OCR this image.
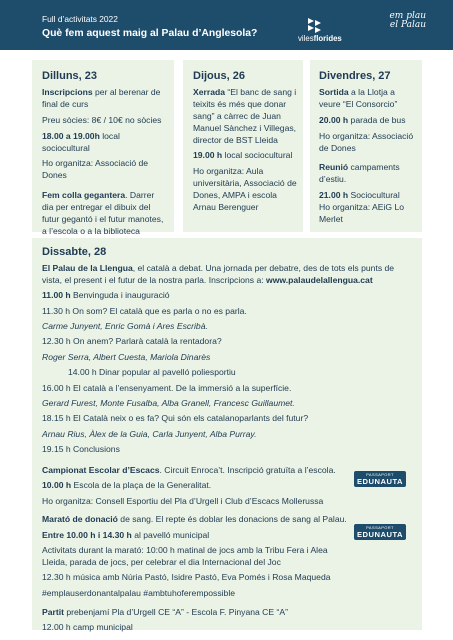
Full d’activitats 2022
Què fem aquest maig al Palau d’Anglesola?	vilesflorides
em plau
el Palau
Dilluns, 23

Inscripcions per al berenar de final de curs

Preu sòcies: 8€ / 10€ no sòcies

18.00 a 19.00h local sociocultural

Ho organitza: Associació de Dones

Fem colla gegantera. Darrer dia per entregar el dibuix del futur gegantó i el futur manotes, a l’escola o a la biblioteca

Dijous, 26

Xerrada “El banc de sang i teixits és més que donar sang” a càrrec de Juan Manuel Sànchez i Villegas, director de BST Lleida

19.00 h local sociocultural

Ho organitza: Aula universitària, Associació de Dones, AMPA i escola Arnau Berenguer

Divendres, 27

Sortida a la Llotja a veure “El Consorcio”

20.00 h parada de bus

Ho organitza: Associació de Dones

Reunió campaments d’estiu.

21.00 h Sociocultural

Ho organitza: AEiG Lo Merlet

Dissabte, 28

El Palau de la Llengua, el català a debat. Una jornada per debatre, des de tots els punts de vista, el present i el futur de la nostra parla. Inscripcions a: www.palaudelallengua.cat

11.00 h Benvinguda i inauguració

11.30 h On som? El català que es parla o no es parla.

Carme Junyent, Enric Gomà i Ares Escribà.

12.30 h On anem? Parlarà català la rentadora?

Roger Serra, Albert Cuesta, Mariola Dinarès

14.00 h Dinar popular al pavelló poliesportiu

16.00 h El català a l’ensenyament. De la immersió a la superfície.

Gerard Furest, Monte Fusalba, Alba Granell, Francesc Guillaumet.

18.15 h El Català neix o es fa? Qui són els catalanoparlants del futur?

Arnau Rius, Àlex de la Guia, Carla Junyent, Alba Purray.

19.15 h Conclusions

Campionat Escolar d’Escacs. Circuit Enroca’t. Inscripció gratuïta a l’escola.

10.00 h Escola de la plaça de la Generalitat.

Ho organitza: Consell Esportiu del Pla d’Urgell i Club d’Escacs Mollerussa

Marató de donació de sang. El repte és doblar les donacions de sang al Palau.

Entre 10.00 h i 14.30 h al pavelló municipal

Activitats durant la marató: 10:00 h matinal de jocs amb la Tribu Fera i Alea Lleida, parada de jocs, per celebrar el dia Internacional del Joc

12.30 h música amb Núria Pastó, Isidre Pastó, Eva Pomés i Rosa Maqueda

#emplauserdonantalpalau #ambtuhoferempossible

Partit prebenjamí Pla d’Urgell CE “A” - Escola F. Pinyana CE “A”

12.00 h camp municipal

PASSAPORT
EDUNAUTA
PASSAPORT
EDUNAUTA
